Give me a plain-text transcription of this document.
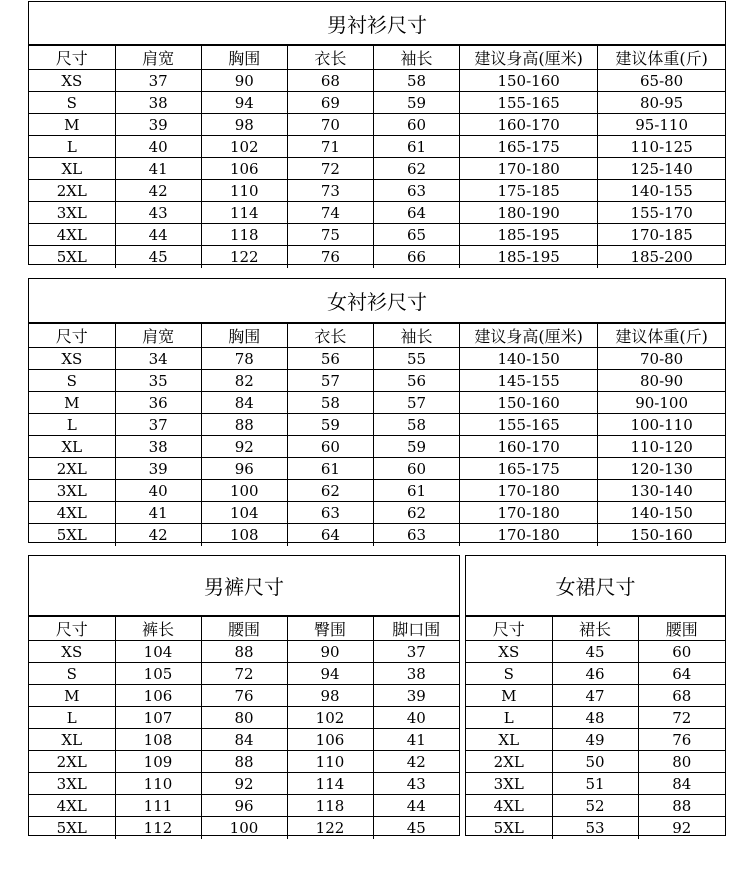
男衬衫尺寸
尺寸	肩宽	胸围	衣长	袖长	建议身高(厘米)	建议体重(斤)
XS	37	90	68	58	150-160	65-80
S	38	94	69	59	155-165	80-95
M	39	98	70	60	160-170	95-110
L	40	102	71	61	165-175	110-125
XL	41	106	72	62	170-180	125-140
2XL	42	110	73	63	175-185	140-155
3XL	43	114	74	64	180-190	155-170
4XL	44	118	75	65	185-195	170-185
5XL	45	122	76	66	185-195	185-200
女衬衫尺寸
尺寸	肩宽	胸围	衣长	袖长	建议身高(厘米)	建议体重(斤)
XS	34	78	56	55	140-150	70-80
S	35	82	57	56	145-155	80-90
M	36	84	58	57	150-160	90-100
L	37	88	59	58	155-165	100-110
XL	38	92	60	59	160-170	110-120
2XL	39	96	61	60	165-175	120-130
3XL	40	100	62	61	170-180	130-140
4XL	41	104	63	62	170-180	140-150
5XL	42	108	64	63	170-180	150-160
男裤尺寸
尺寸	裤长	腰围	臀围	脚口围
XS	104	88	90	37
S	105	72	94	38
M	106	76	98	39
L	107	80	102	40
XL	108	84	106	41
2XL	109	88	110	42
3XL	110	92	114	43
4XL	111	96	118	44
5XL	112	100	122	45
女裙尺寸
尺寸	裙长	腰围
XS	45	60
S	46	64
M	47	68
L	48	72
XL	49	76
2XL	50	80
3XL	51	84
4XL	52	88
5XL	53	92
